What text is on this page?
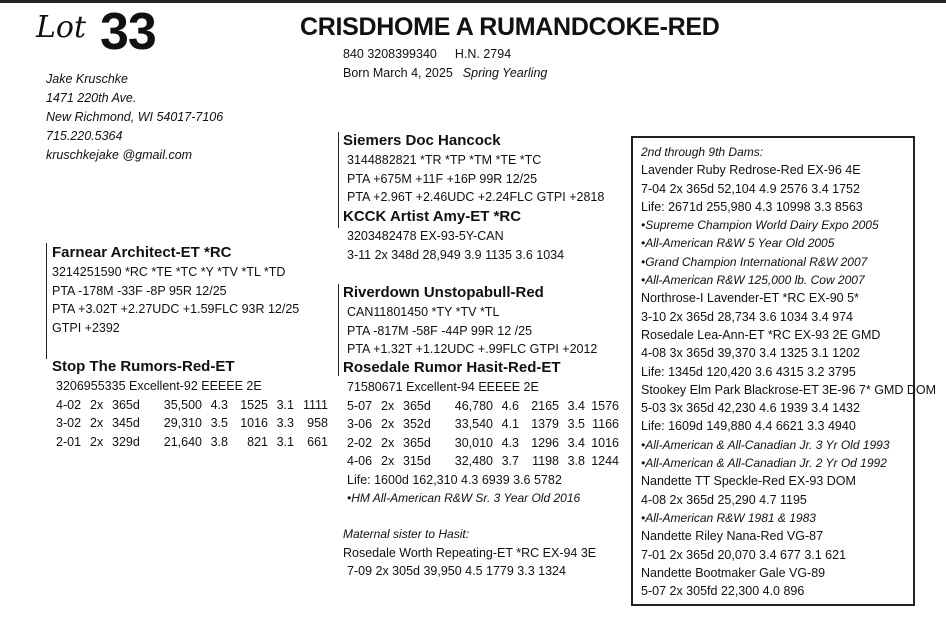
Lot 33	CRISDHOME A RUMANDCOKE-RED
840 3208399340 H.N. 2794
Born March 4, 2025 Spring Yearling
Jake Kruschke
1471 220th Ave.
New Richmond, WI 54017-7106
715.220.5364
kruschkejake @gmail.com
Farnear Architect-ET *RC
3214251590 *RC *TE *TC *Y *TV *TL *TD
PTA -178M -33F -8P 95R 12/25
PTA +3.02T +2.27UDC +1.59FLC 93R 12/25
GTPI +2392
Stop The Rumors-Red-ET
3206955335 Excellent-92 EEEEE 2E
4-02 2x 365d 35,500 4.3 1525 3.1 1111
3-02 2x 345d 29,310 3.5 1016 3.3 958
2-01 2x 329d 21,640 3.8 821 3.1 661
Siemers Doc Hancock
3144882821 *TR *TP *TM *TE *TC
PTA +675M +11F +16P 99R 12/25
PTA +2.96T +2.46UDC +2.24FLC GTPI +2818
KCCK Artist Amy-ET *RC
3203482478 EX-93-5Y-CAN
3-11 2x 348d 28,949 3.9 1135 3.6 1034
Riverdown Unstopabull-Red
CAN11801450 *TY *TV *TL
PTA -817M -58F -44P 99R 12 /25
PTA +1.32T +1.12UDC +.99FLC GTPI +2012
Rosedale Rumor Hasit-Red-ET
71580671 Excellent-94 EEEEE 2E
5-07 2x 365d 46,780 4.6 2165 3.4 1576
3-06 2x 352d 33,540 4.1 1379 3.5 1166
2-02 2x 365d 30,010 4.3 1296 3.4 1016
4-06 2x 315d 32,480 3.7 1198 3.8 1244
Life: 1600d 162,310 4.3 6939 3.6 5782
•HM All-American R&W Sr. 3 Year Old 2016
Maternal sister to Hasit:
Rosedale Worth Repeating-ET *RC EX-94 3E
7-09 2x 305d 39,950 4.5 1779 3.3 1324
2nd through 9th Dams:
Lavender Ruby Redrose-Red EX-96 4E
7-04 2x 365d 52,104 4.9 2576 3.4 1752
Life: 2671d 255,980 4.3 10998 3.3 8563
•Supreme Champion World Dairy Expo 2005
•All-American R&W 5 Year Old 2005
•Grand Champion International R&W 2007
•All-American R&W 125,000 lb. Cow 2007
Northrose-I Lavender-ET *RC EX-90 5*
3-10 2x 365d 28,734 3.6 1034 3.4 974
Rosedale Lea-Ann-ET *RC EX-93 2E GMD
4-08 3x 365d 39,370 3.4 1325 3.1 1202
Life: 1345d 120,420 3.6 4315 3.2 3795
Stookey Elm Park Blackrose-ET 3E-96 7* GMD DOM
5-03 3x 365d 42,230 4.6 1939 3.4 1432
Life: 1609d 149,880 4.4 6621 3.3 4940
•All-American & All-Canadian Jr. 3 Yr Old 1993
•All-American & All-Canadian Jr. 2 Yr Od 1992
Nandette TT Speckle-Red EX-93 DOM
4-08 2x 365d 25,290 4.7 1195
•All-American R&W 1981 & 1983
Nandette Riley Nana-Red VG-87
7-01 2x 365d 20,070 3.4 677 3.1 621
Nandette Bootmaker Gale VG-89
5-07 2x 305fd 22,300 4.0 896
